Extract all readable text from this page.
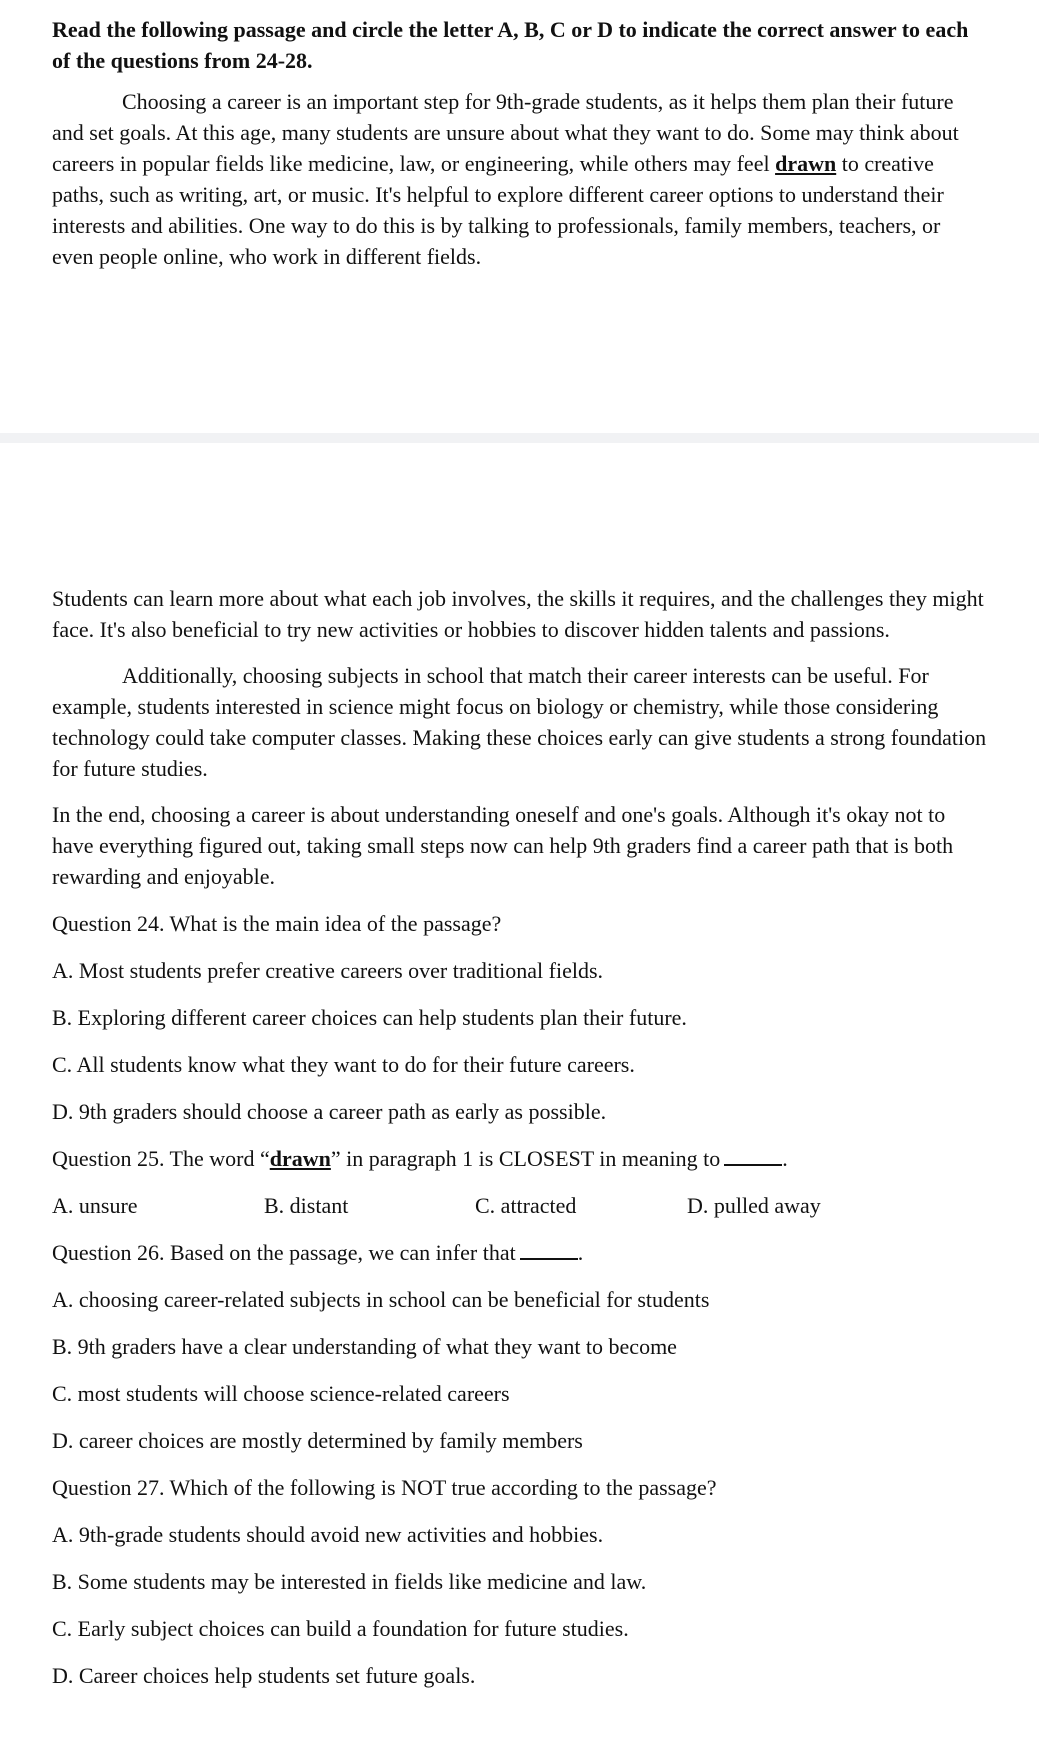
Read the following passage and circle the letter A, B, C or D to indicate the correct answer to each of the questions from 24-28.

Choosing a career is an important step for 9th-grade students, as it helps them plan their future and set goals. At this age, many students are unsure about what they want to do. Some may think about careers in popular fields like medicine, law, or engineering, while others may feel drawn to creative paths, such as writing, art, or music. It's helpful to explore different career options to understand their interests and abilities. One way to do this is by talking to professionals, family members, teachers, or even people online, who work in different fields.

Students can learn more about what each job involves, the skills it requires, and the challenges they might face. It's also beneficial to try new activities or hobbies to discover hidden talents and passions.

Additionally, choosing subjects in school that match their career interests can be useful. For example, students interested in science might focus on biology or chemistry, while those considering technology could take computer classes. Making these choices early can give students a strong foundation for future studies.

In the end, choosing a career is about understanding oneself and one's goals. Although it's okay not to have everything figured out, taking small steps now can help 9th graders find a career path that is both rewarding and enjoyable.

Question 24. What is the main idea of the passage?

A. Most students prefer creative careers over traditional fields.

B. Exploring different career choices can help students plan their future.

C. All students know what they want to do for their future careers.

D. 9th graders should choose a career path as early as possible.

Question 25. The word “drawn” in paragraph 1 is CLOSEST in meaning to	.

A. unsure	B. distant	C. attracted	D. pulled away

Question 26. Based on the passage, we can infer that	.

A. choosing career-related subjects in school can be beneficial for students

B. 9th graders have a clear understanding of what they want to become

C. most students will choose science-related careers

D. career choices are mostly determined by family members

Question 27. Which of the following is NOT true according to the passage?

A. 9th-grade students should avoid new activities and hobbies.

B. Some students may be interested in fields like medicine and law.

C. Early subject choices can build a foundation for future studies.

D. Career choices help students set future goals.
